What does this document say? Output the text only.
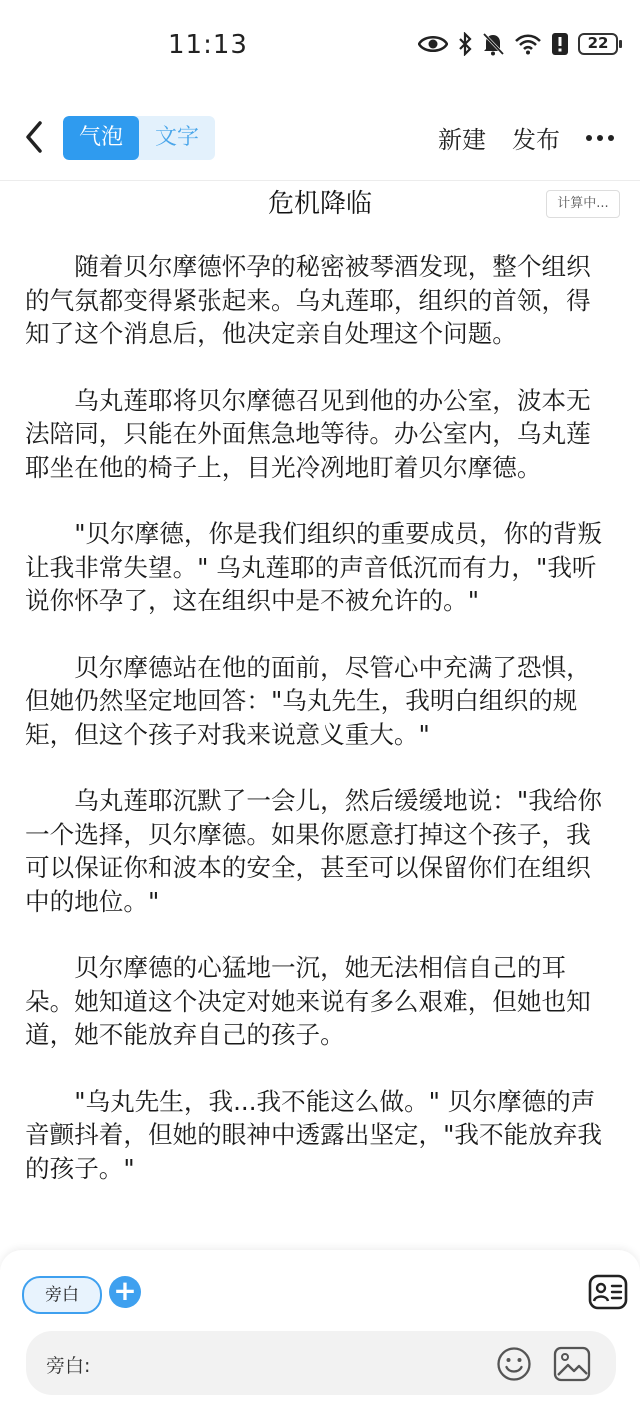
11:13	22
气泡	文字	新建 发布
危机降临	计算中...

随着贝尔摩德怀孕的秘密被琴酒发现，整个组织的气氛都变得紧张起来。乌丸莲耶，组织的首领，得知了这个消息后，他决定亲自处理这个问题。

乌丸莲耶将贝尔摩德召见到他的办公室，波本无法陪同，只能在外面焦急地等待。办公室内，乌丸莲耶坐在他的椅子上，目光冷冽地盯着贝尔摩德。

"贝尔摩德，你是我们组织的重要成员，你的背叛让我非常失望。" 乌丸莲耶的声音低沉而有力，"我听说你怀孕了，这在组织中是不被允许的。"

贝尔摩德站在他的面前，尽管心中充满了恐惧，但她仍然坚定地回答："乌丸先生，我明白组织的规矩，但这个孩子对我来说意义重大。"

乌丸莲耶沉默了一会儿，然后缓缓地说："我给你一个选择，贝尔摩德。如果你愿意打掉这个孩子，我可以保证你和波本的安全，甚至可以保留你们在组织中的地位。"

贝尔摩德的心猛地一沉，她无法相信自己的耳朵。她知道这个决定对她来说有多么艰难，但她也知道，她不能放弃自己的孩子。

"乌丸先生，我...我不能这么做。" 贝尔摩德的声音颤抖着，但她的眼神中透露出坚定，"我不能放弃我的孩子。"

旁白	+
旁白:
